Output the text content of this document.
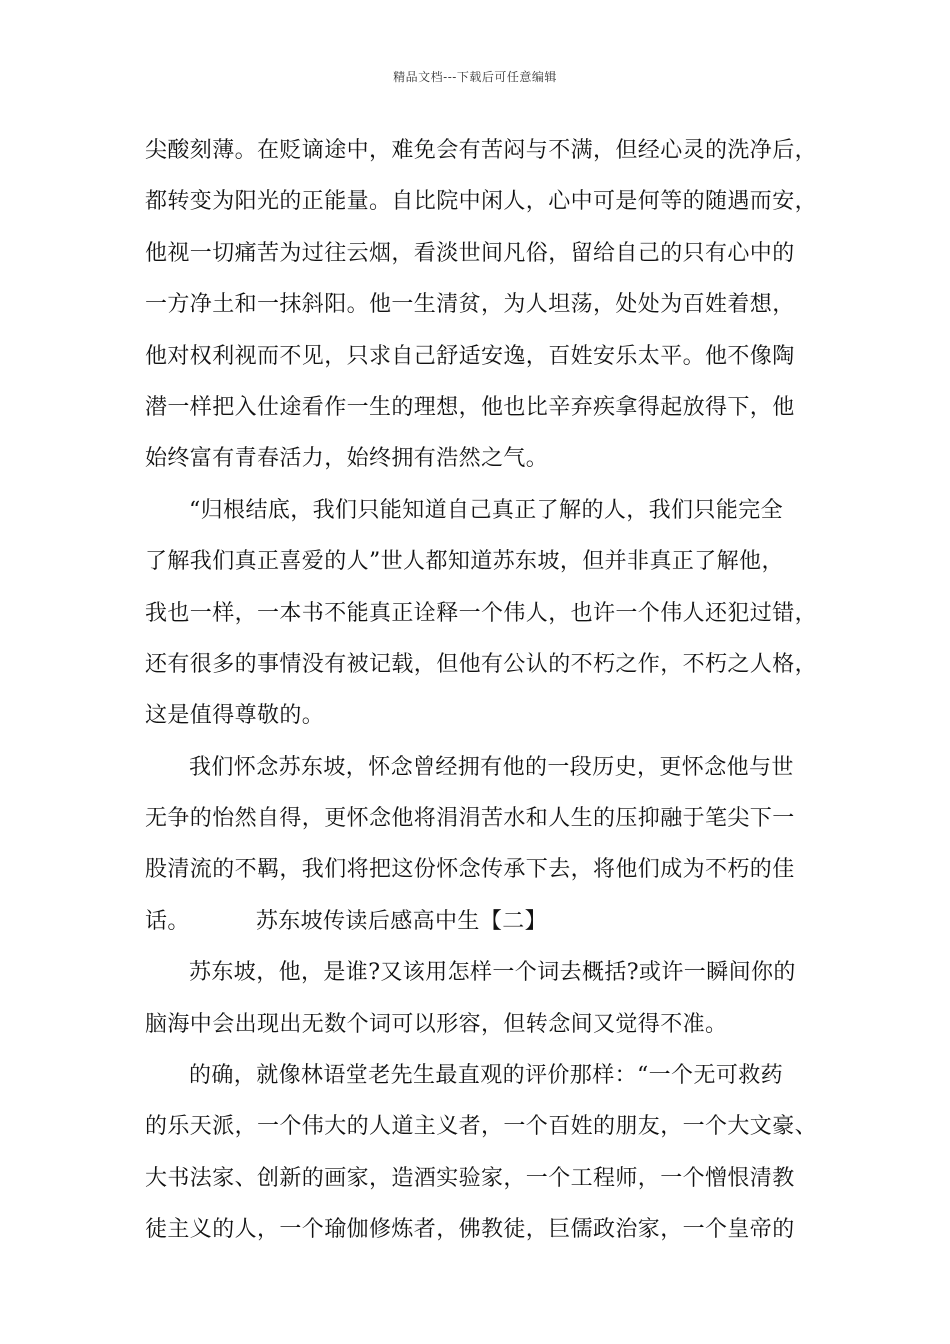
精品文档---下载后可任意编辑
尖酸刻薄。在贬谪途中，难免会有苦闷与不满，但经心灵的洗净后，
都转变为阳光的正能量。自比院中闲人，心中可是何等的随遇而安，
他视一切痛苦为过往云烟，看淡世间凡俗，留给自己的只有心中的
一方净土和一抹斜阳。他一生清贫，为人坦荡，处处为百姓着想，
他对权利视而不见，只求自己舒适安逸，百姓安乐太平。他不像陶
潜一样把入仕途看作一生的理想，他也比辛弃疾拿得起放得下，他
始终富有青春活力，始终拥有浩然之气。
“归根结底，我们只能知道自己真正了解的人，我们只能完全
了解我们真正喜爱的人”世人都知道苏东坡，但并非真正了解他，
我也一样，一本书不能真正诠释一个伟人，也许一个伟人还犯过错，
还有很多的事情没有被记载，但他有公认的不朽之作，不朽之人格，
这是值得尊敬的。
我们怀念苏东坡，怀念曾经拥有他的一段历史，更怀念他与世
无争的怡然自得，更怀念他将涓涓苦水和人生的压抑融于笔尖下一
股清流的不羁，我们将把这份怀念传承下去，将他们成为不朽的佳
话。	苏东坡传读后感高中生【二】
苏东坡，他，是谁?又该用怎样一个词去概括?或许一瞬间你的
脑海中会出现出无数个词可以形容，但转念间又觉得不准。
的确，就像林语堂老先生最直观的评价那样：“一个无可救药
的乐天派，一个伟大的人道主义者，一个百姓的朋友，一个大文豪、
大书法家、创新的画家，造酒实验家，一个工程师，一个憎恨清教
徒主义的人，一个瑜伽修炼者，佛教徒，巨儒政治家，一个皇帝的
